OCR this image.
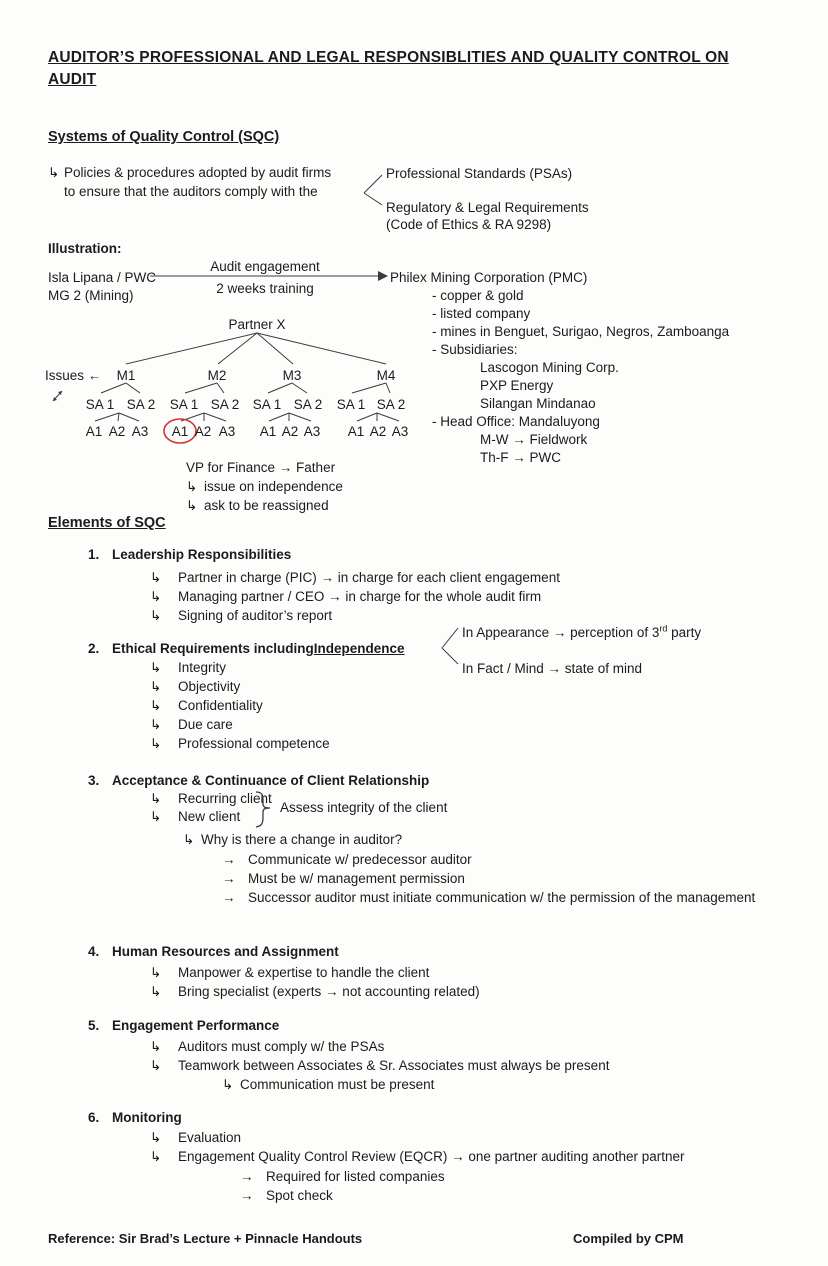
AUDITOR’S PROFESSIONAL AND LEGAL RESPONSIBLITIES AND QUALITY CONTROL ON
AUDIT
Systems of Quality Control (SQC)
↳ Policies & procedures adopted by audit firms
to ensure that the auditors comply with the
Professional Standards (PSAs)
Regulatory & Legal Requirements
(Code of Ethics & RA 9298)
Illustration:
Isla Lipana / PWC
MG 2 (Mining)
Audit engagement
2 weeks training
Philex Mining Corporation (PMC)
- copper & gold
- listed company
- mines in Benguet, Surigao, Negros, Zamboanga
- Subsidiaries:
Lascogon Mining Corp.
PXP Energy
Silangan Mindanao
- Head Office: Mandaluyong
M-W → Fieldwork
Th-F → PWC
Partner X
Issues ←	M1	M2	M3	M4
SA 1 SA 2	SA 1 SA 2 SA 1 SA 2	SA 1 SA 2
A1 A2 A3	A1 A2 A3	A1 A2 A3	A1 A2 A3
VP for Finance → Father
↳ issue on independence
↳ ask to be reassigned
Elements of SQC
1. Leadership Responsibilities
↳	Partner in charge (PIC) → in charge for each client engagement
↳	Managing partner / CEO → in charge for the whole audit firm
↳	Signing of auditor’s report
In Appearance → perception of 3rd party
2. Ethical Requirements including Independence
In Fact / Mind → state of mind
↳	Integrity
↳	Objectivity
↳	Confidentiality
↳	Due care
↳	Professional competence
3. Acceptance & Continuance of Client Relationship
↳	Recurring client
↳	New client
Assess integrity of the client
↳ Why is there a change in auditor?
→ Communicate w/ predecessor auditor
→ Must be w/ management permission
→ Successor auditor must initiate communication w/ the permission of the management
4. Human Resources and Assignment
↳	Manpower & expertise to handle the client
↳	Bring specialist (experts → not accounting related)
5. Engagement Performance
↳	Auditors must comply w/ the PSAs
↳	Teamwork between Associates & Sr. Associates must always be present
↳ Communication must be present
6. Monitoring
↳	Evaluation
↳	Engagement Quality Control Review (EQCR) → one partner auditing another partner
→ Required for listed companies
→ Spot check
Reference: Sir Brad’s Lecture + Pinnacle Handouts	Compiled by CPM
